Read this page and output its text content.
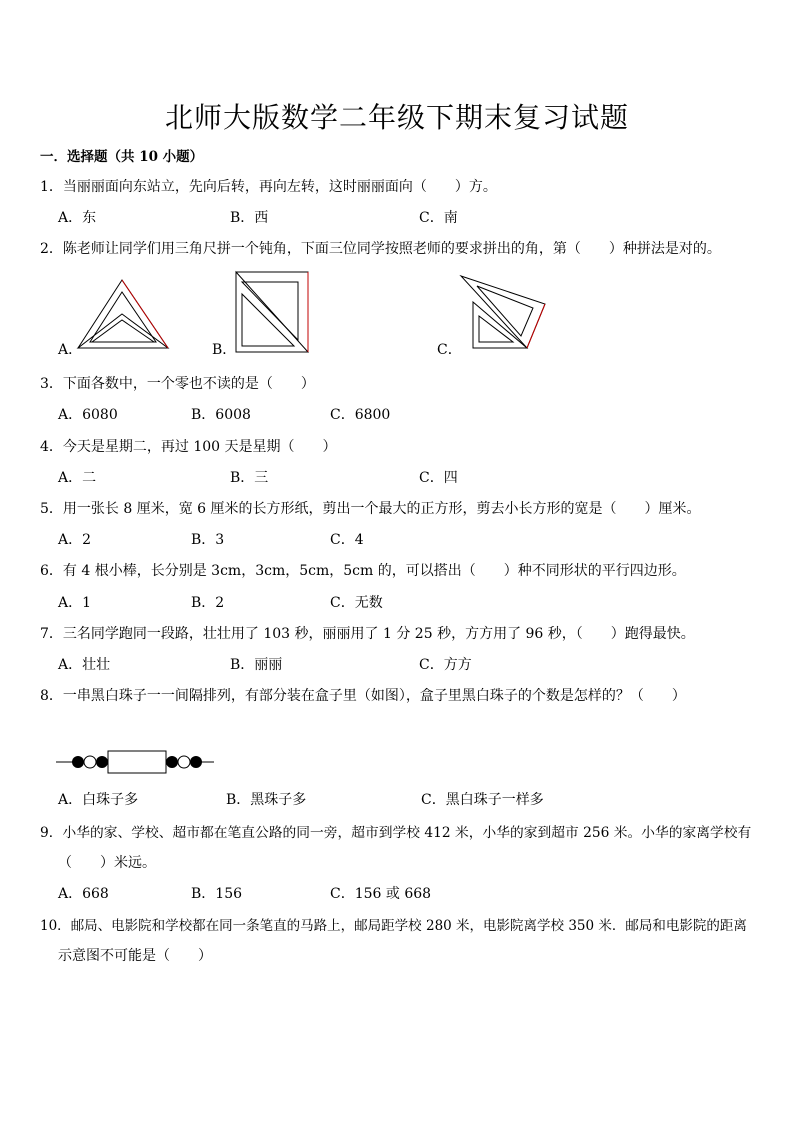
北师大版数学二年级下期末复习试题
一．选择题（共 10 小题）
1．当丽丽面向东站立，先向后转，再向左转，这时丽丽面向（　　）方。
A．东	B．西	C．南
2．陈老师让同学们用三角尺拼一个钝角，下面三位同学按照老师的要求拼出的角，第（　　）种拼法是对的。
A．	B．	C．
3．下面各数中，一个零也不读的是（　　）
A．6080	B．6008	C．6800
4．今天是星期二，再过 100 天是星期（　　）
A．二	B．三	C．四
5．用一张长 8 厘米，宽 6 厘米的长方形纸，剪出一个最大的正方形，剪去小长方形的宽是（　　）厘米。
A．2	B．3	C．4
6．有 4 根小棒，长分别是 3cm，3cm，5cm，5cm 的，可以搭出（　　）种不同形状的平行四边形。
A．1	B．2	C．无数
7．三名同学跑同一段路，壮壮用了 103 秒，丽丽用了 1 分 25 秒，方方用了 96 秒，（　　）跑得最快。
A．壮壮	B．丽丽	C．方方
8．一串黑白珠子一一间隔排列，有部分装在盒子里（如图），盒子里黑白珠子的个数是怎样的？（　　）
A．白珠子多	B．黑珠子多	C．黑白珠子一样多
9．小华的家、学校、超市都在笔直公路的同一旁，超市到学校 412 米，小华的家到超市 256 米。小华的家离学校有
（　　）米远。
A．668	B．156	C．156 或 668
10．邮局、电影院和学校都在同一条笔直的马路上，邮局距学校 280 米，电影院离学校 350 米．邮局和电影院的距离
示意图不可能是（　　）
